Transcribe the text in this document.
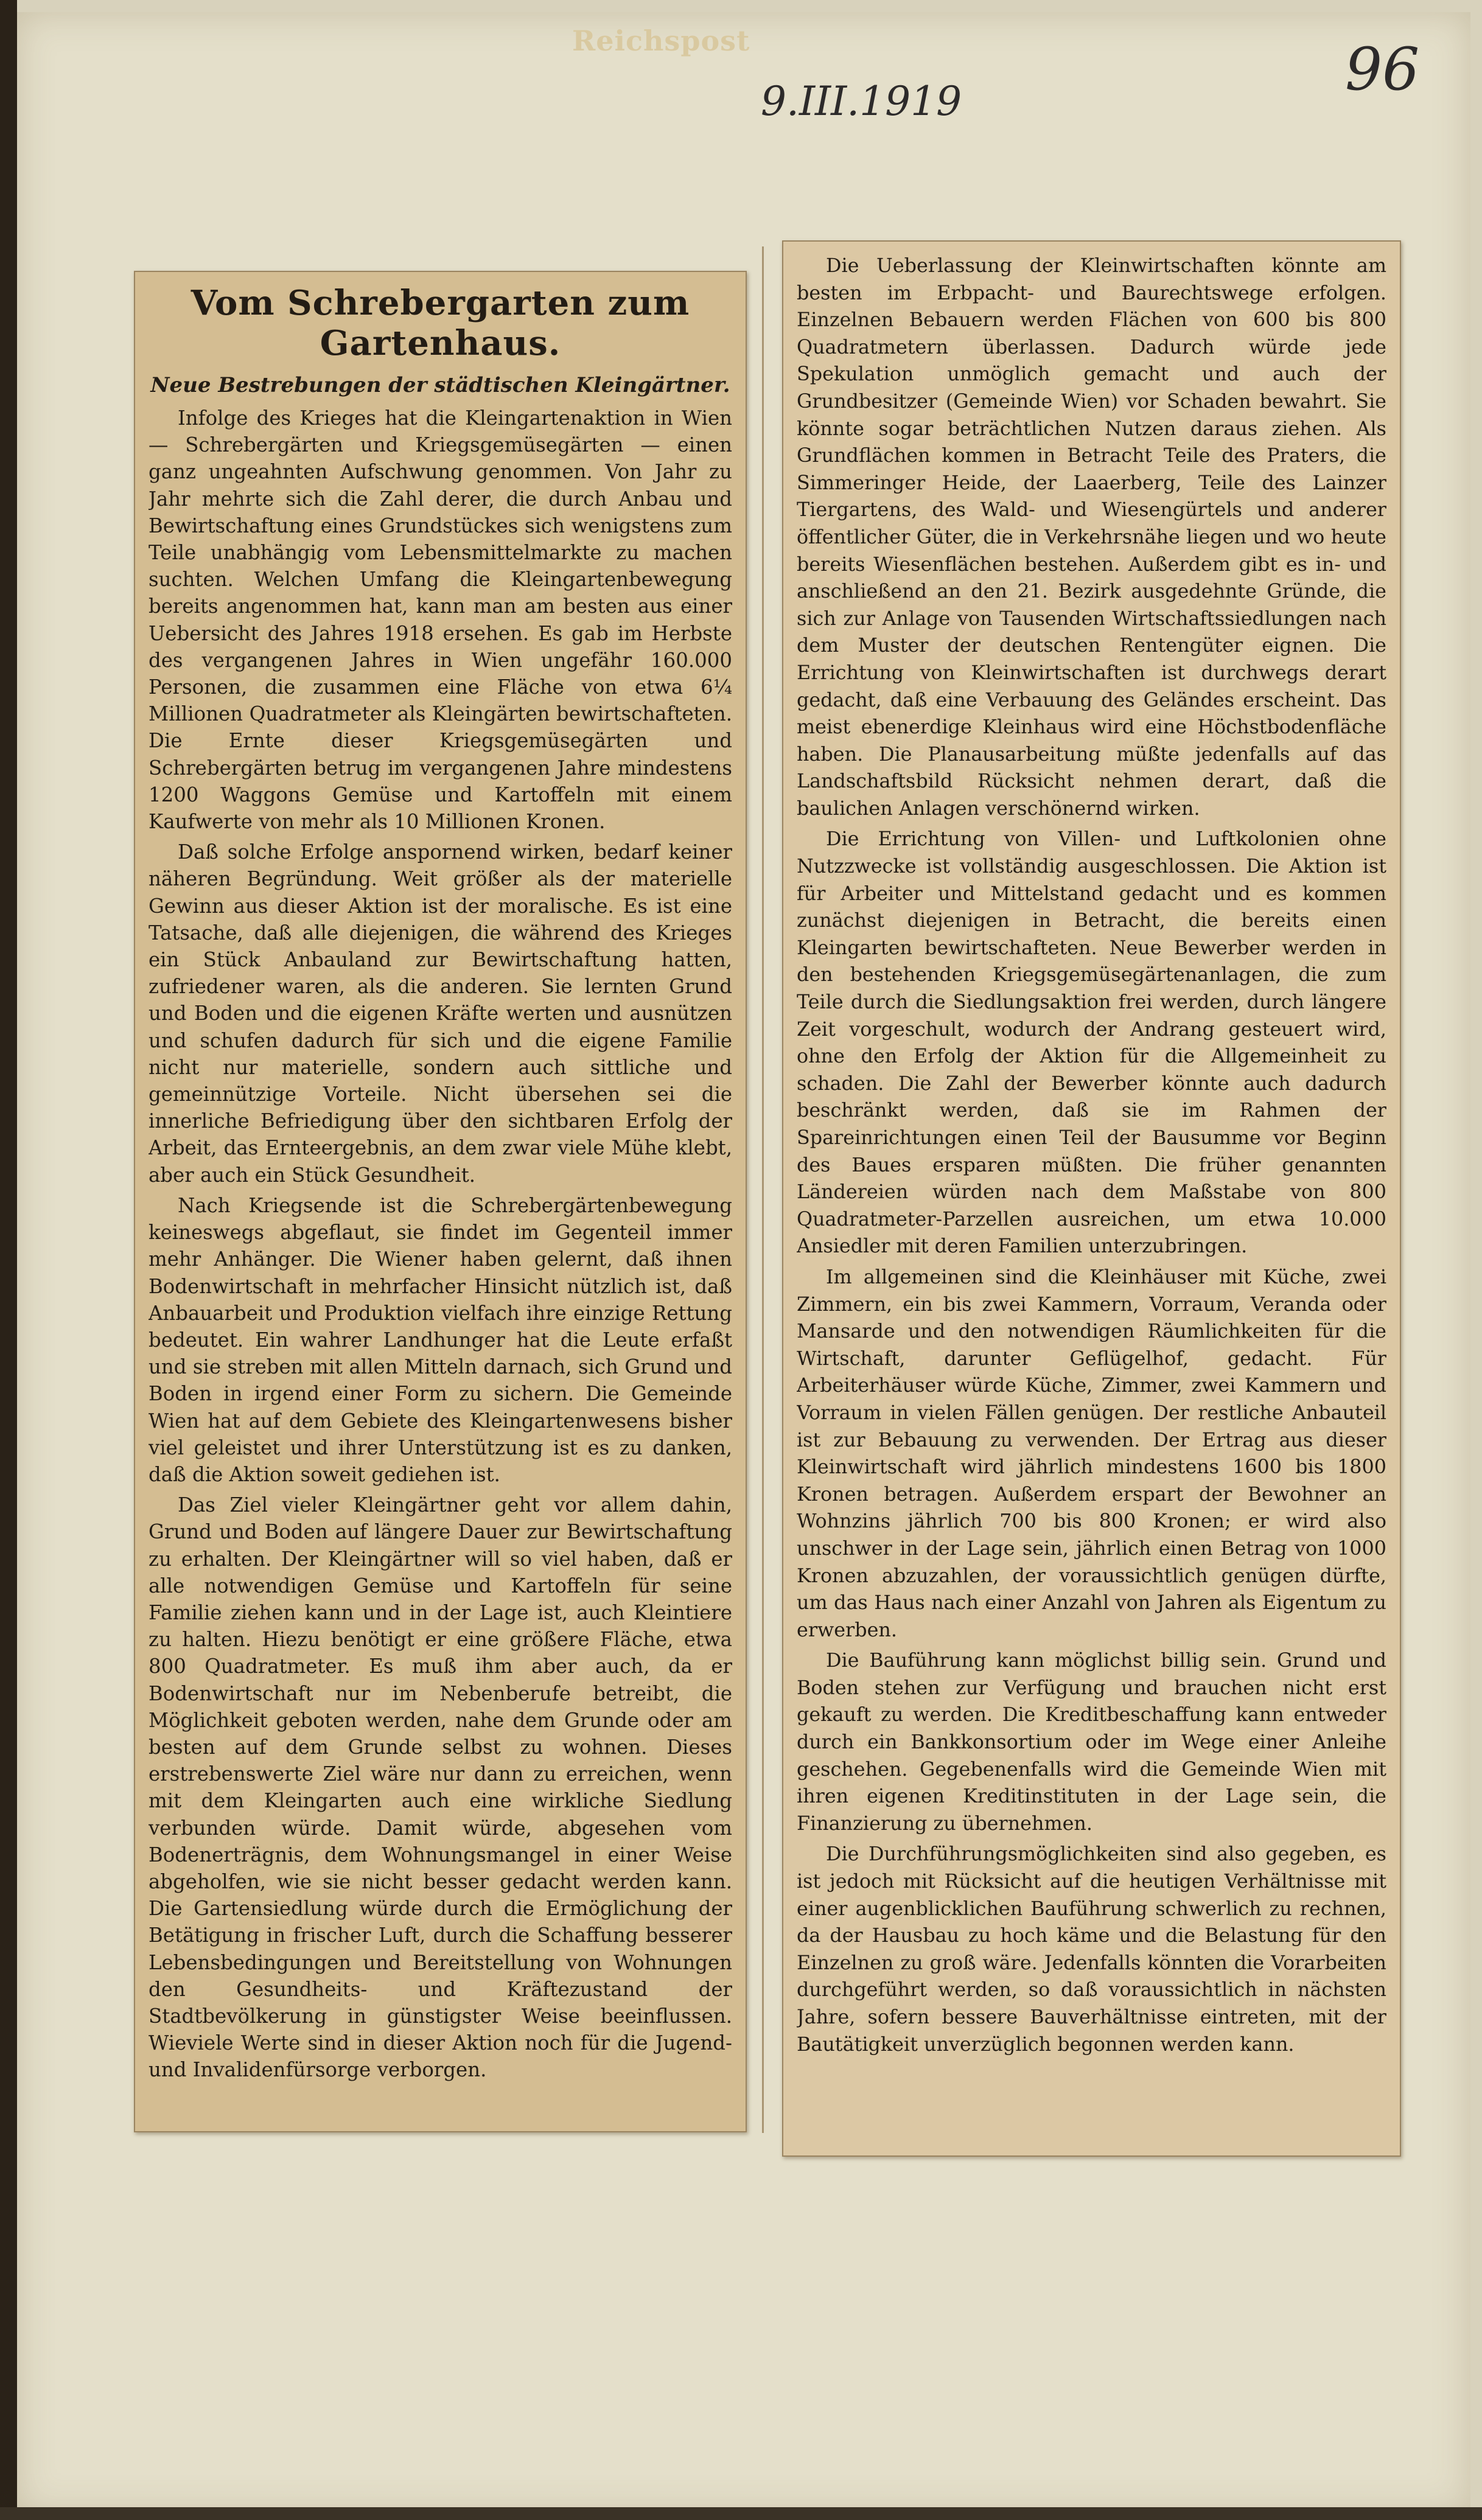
Reichspost
9.III.1919	96
Vom Schrebergarten zum Gartenhaus.
Neue Bestrebungen der städtischen Kleingärtner.

Infolge des Krieges hat die Kleingartenaktion in Wien — Schrebergärten und Kriegsgemüsegärten — einen ganz ungeahnten Aufschwung genommen. Von Jahr zu Jahr mehrte sich die Zahl derer, die durch Anbau und Bewirtschaftung eines Grundstückes sich wenigstens zum Teile unabhängig vom Lebensmittelmarkte zu machen suchten. Welchen Umfang die Kleingartenbewegung bereits angenommen hat, kann man am besten aus einer Uebersicht des Jahres 1918 ersehen. Es gab im Herbste des vergangenen Jahres in Wien ungefähr 160.000 Personen, die zusammen eine Fläche von etwa 6¼ Millionen Quadratmeter als Kleingärten bewirtschafteten. Die Ernte dieser Kriegsgemüsegärten und Schrebergärten betrug im vergangenen Jahre mindestens 1200 Waggons Gemüse und Kartoffeln mit einem Kaufwerte von mehr als 10 Millionen Kronen.

Daß solche Erfolge anspornend wirken, bedarf keiner näheren Begründung. Weit größer als der materielle Gewinn aus dieser Aktion ist der moralische. Es ist eine Tatsache, daß alle diejenigen, die während des Krieges ein Stück Anbauland zur Bewirtschaftung hatten, zufriedener waren, als die anderen. Sie lernten Grund und Boden und die eigenen Kräfte werten und ausnützen und schufen dadurch für sich und die eigene Familie nicht nur materielle, sondern auch sittliche und gemeinnützige Vorteile. Nicht übersehen sei die innerliche Befriedigung über den sichtbaren Erfolg der Arbeit, das Ernteergebnis, an dem zwar viele Mühe klebt, aber auch ein Stück Gesundheit.

Nach Kriegsende ist die Schrebergärtenbewegung keineswegs abgeflaut, sie findet im Gegenteil immer mehr Anhänger. Die Wiener haben gelernt, daß ihnen Bodenwirtschaft in mehrfacher Hinsicht nützlich ist, daß Anbauarbeit und Produktion vielfach ihre einzige Rettung bedeutet. Ein wahrer Landhunger hat die Leute erfaßt und sie streben mit allen Mitteln darnach, sich Grund und Boden in irgend einer Form zu sichern. Die Gemeinde Wien hat auf dem Gebiete des Kleingartenwesens bisher viel geleistet und ihrer Unterstützung ist es zu danken, daß die Aktion soweit gediehen ist.

Das Ziel vieler Kleingärtner geht vor allem dahin, Grund und Boden auf längere Dauer zur Bewirtschaftung zu erhalten. Der Kleingärtner will so viel haben, daß er alle notwendigen Gemüse und Kartoffeln für seine Familie ziehen kann und in der Lage ist, auch Kleintiere zu halten. Hiezu benötigt er eine größere Fläche, etwa 800 Quadratmeter. Es muß ihm aber auch, da er Bodenwirtschaft nur im Nebenberufe betreibt, die Möglichkeit geboten werden, nahe dem Grunde oder am besten auf dem Grunde selbst zu wohnen. Dieses erstrebenswerte Ziel wäre nur dann zu erreichen, wenn mit dem Kleingarten auch eine wirkliche Siedlung verbunden würde. Damit würde, abgesehen vom Bodenerträgnis, dem Wohnungsmangel in einer Weise abgeholfen, wie sie nicht besser gedacht werden kann. Die Gartensiedlung würde durch die Ermöglichung der Betätigung in frischer Luft, durch die Schaffung besserer Lebensbedingungen und Bereitstellung von Wohnungen den Gesundheits- und Kräftezustand der Stadtbevölkerung in günstigster Weise beeinflussen. Wieviele Werte sind in dieser Aktion noch für die Jugend- und Invalidenfürsorge verborgen.

Die Ueberlassung der Kleinwirtschaften könnte am besten im Erbpacht- und Baurechtswege erfolgen. Einzelnen Bebauern werden Flächen von 600 bis 800 Quadratmetern überlassen. Dadurch würde jede Spekulation unmöglich gemacht und auch der Grundbesitzer (Gemeinde Wien) vor Schaden bewahrt. Sie könnte sogar beträchtlichen Nutzen daraus ziehen. Als Grundflächen kommen in Betracht Teile des Praters, die Simmeringer Heide, der Laaerberg, Teile des Lainzer Tiergartens, des Wald- und Wiesengürtels und anderer öffentlicher Güter, die in Verkehrsnähe liegen und wo heute bereits Wiesenflächen bestehen. Außerdem gibt es in- und anschließend an den 21. Bezirk ausgedehnte Gründe, die sich zur Anlage von Tausenden Wirtschaftssiedlungen nach dem Muster der deutschen Rentengüter eignen. Die Errichtung von Kleinwirtschaften ist durchwegs derart gedacht, daß eine Verbauung des Geländes erscheint. Das meist ebenerdige Kleinhaus wird eine Höchstbodenfläche haben. Die Planausarbeitung müßte jedenfalls auf das Landschaftsbild Rücksicht nehmen derart, daß die baulichen Anlagen verschönernd wirken.

Die Errichtung von Villen- und Luftkolonien ohne Nutzzwecke ist vollständig ausgeschlossen. Die Aktion ist für Arbeiter und Mittelstand gedacht und es kommen zunächst diejenigen in Betracht, die bereits einen Kleingarten bewirtschafteten. Neue Bewerber werden in den bestehenden Kriegsgemüsegärtenanlagen, die zum Teile durch die Siedlungsaktion frei werden, durch längere Zeit vorgeschult, wodurch der Andrang gesteuert wird, ohne den Erfolg der Aktion für die Allgemeinheit zu schaden. Die Zahl der Bewerber könnte auch dadurch beschränkt werden, daß sie im Rahmen der Spareinrichtungen einen Teil der Bausumme vor Beginn des Baues ersparen müßten. Die früher genannten Ländereien würden nach dem Maßstabe von 800 Quadratmeter-Parzellen ausreichen, um etwa 10.000 Ansiedler mit deren Familien unterzubringen.

Im allgemeinen sind die Kleinhäuser mit Küche, zwei Zimmern, ein bis zwei Kammern, Vorraum, Veranda oder Mansarde und den notwendigen Räumlichkeiten für die Wirtschaft, darunter Geflügelhof, gedacht. Für Arbeiterhäuser würde Küche, Zimmer, zwei Kammern und Vorraum in vielen Fällen genügen. Der restliche Anbauteil ist zur Bebauung zu verwenden. Der Ertrag aus dieser Kleinwirtschaft wird jährlich mindestens 1600 bis 1800 Kronen betragen. Außerdem erspart der Bewohner an Wohnzins jährlich 700 bis 800 Kronen; er wird also unschwer in der Lage sein, jährlich einen Betrag von 1000 Kronen abzuzahlen, der voraussichtlich genügen dürfte, um das Haus nach einer Anzahl von Jahren als Eigentum zu erwerben.

Die Bauführung kann möglichst billig sein. Grund und Boden stehen zur Verfügung und brauchen nicht erst gekauft zu werden. Die Kreditbeschaffung kann entweder durch ein Bankkonsortium oder im Wege einer Anleihe geschehen. Gegebenenfalls wird die Gemeinde Wien mit ihren eigenen Kreditinstituten in der Lage sein, die Finanzierung zu übernehmen.

Die Durchführungsmöglichkeiten sind also gegeben, es ist jedoch mit Rücksicht auf die heutigen Verhältnisse mit einer augenblicklichen Bauführung schwerlich zu rechnen, da der Hausbau zu hoch käme und die Belastung für den Einzelnen zu groß wäre. Jedenfalls könnten die Vorarbeiten durchgeführt werden, so daß voraussichtlich in nächsten Jahre, sofern bessere Bauverhältnisse eintreten, mit der Bautätigkeit unverzüglich begonnen werden kann.
